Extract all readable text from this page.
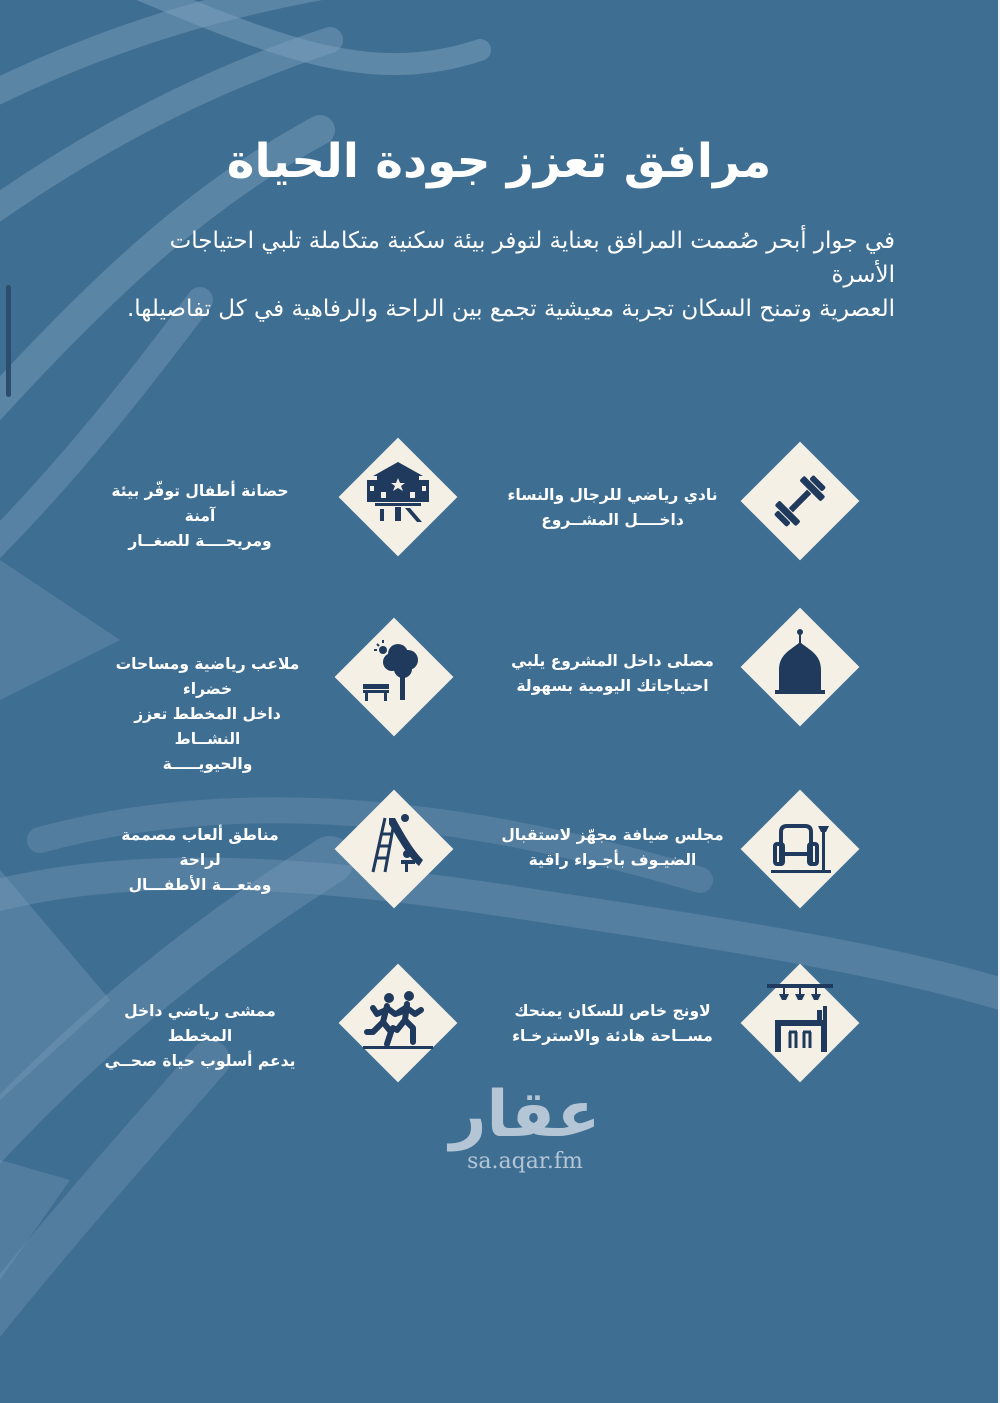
مرافق تعزز جودة الحياة
في جوار أبحر صُممت المرافق بعناية لتوفر بيئة سكنية متكاملة تلبي احتياجات الأسرة
العصرية وتمنح السكان تجربة معيشية تجمع بين الراحة والرفاهية في كل تفاصيلها.
نادي رياضي للرجال والنساء
داخــــل المشــروع
حضانة أطفال توفّر بيئة آمنة
ومريحــــة للصغــار
مصلى داخل المشروع يلبي
احتياجاتك اليومية بسهولة
ملاعب رياضية ومساحات خضراء
داخل المخطط تعزز النشــاط
والحيويـــــة
مجلس ضيافة مجهّز لاستقبال
الضيـوف بأجـواء راقية
مناطق ألعاب مصممة لراحة
ومتعـــة الأطفـــال
لاونج خاص للسكان يمنحك
مســاحة هادئة والاسترخـاء
ممشى رياضي داخل المخطط
يدعم أسلوب حياة صحــي
عقار
sa.aqar.fm
